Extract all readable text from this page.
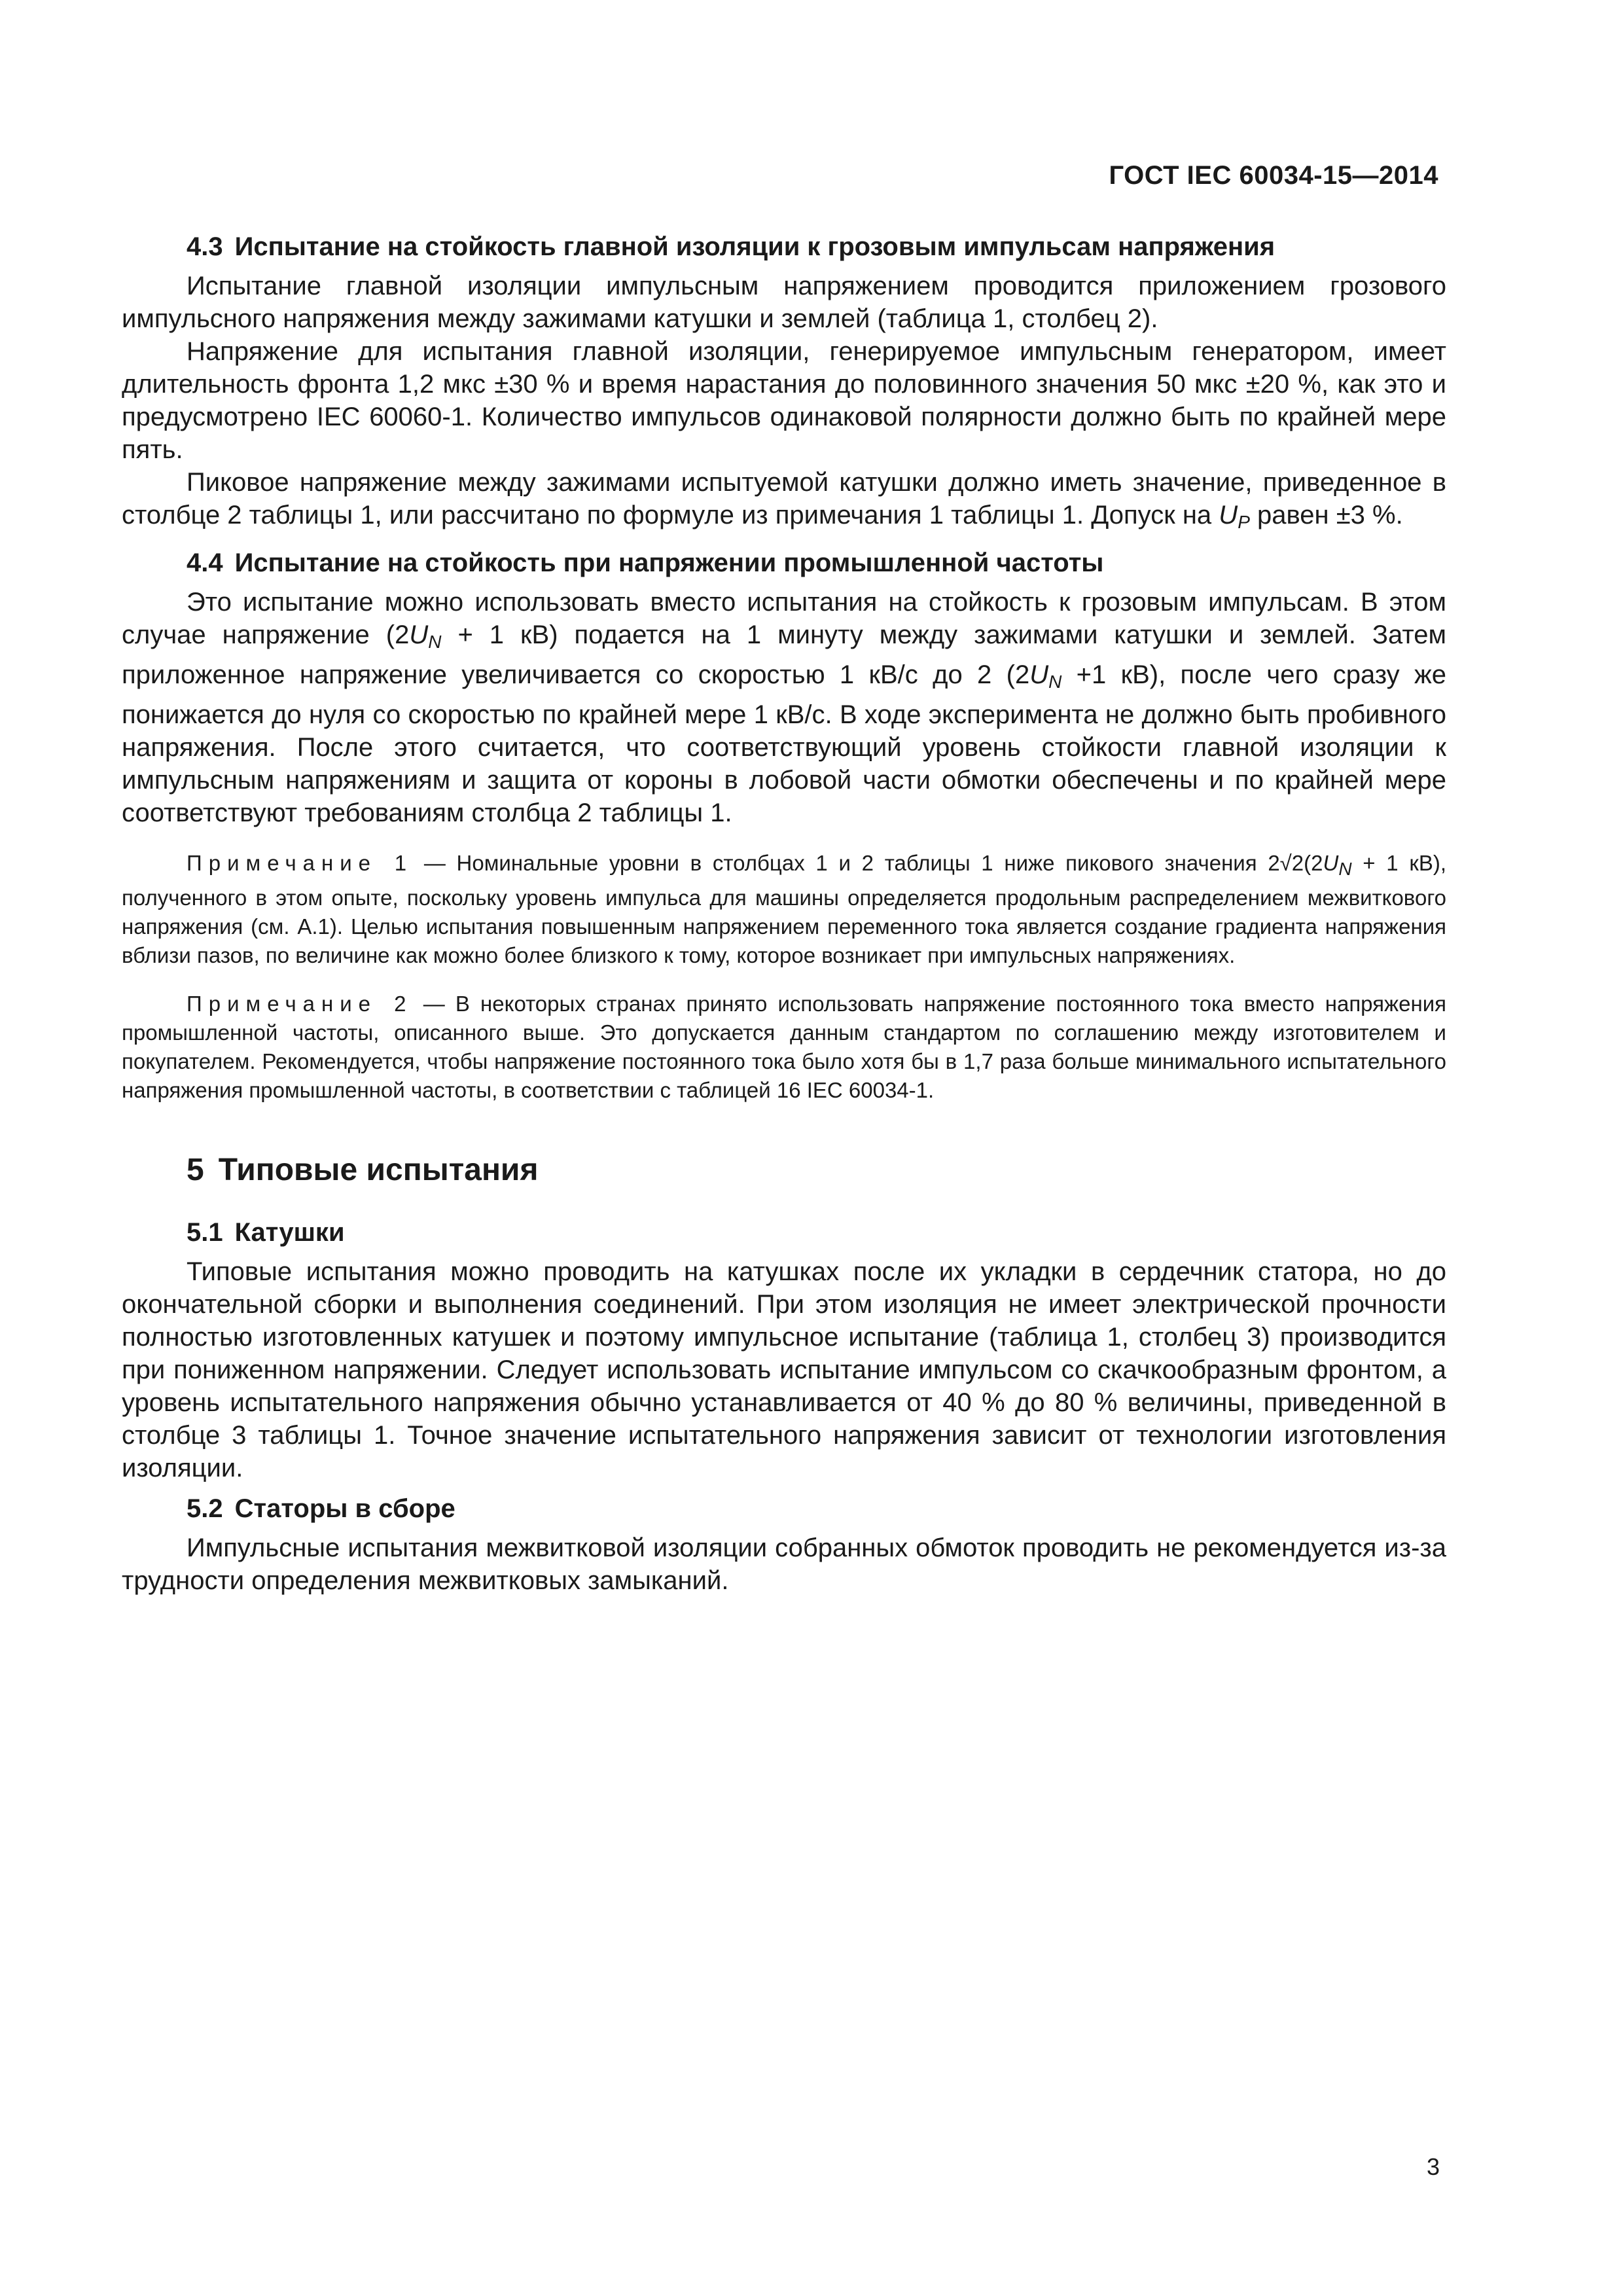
ГОСТ IEC 60034-15—2014
4.3 Испытание на стойкость главной изоляции к грозовым импульсам напряжения

Испытание главной изоляции импульсным напряжением проводится приложением грозового импульсного напряжения между зажимами катушки и землей (таблица 1, столбец 2).

Напряжение для испытания главной изоляции, генерируемое импульсным генератором, имеет длительность фронта 1,2 мкс ±30 % и время нарастания до половинного значения 50 мкс ±20 %, как это и предусмотрено IEC 60060-1. Количество импульсов одинаковой полярности должно быть по крайней мере пять.

Пиковое напряжение между зажимами испытуемой катушки должно иметь значение, приведенное в столбце 2 таблицы 1, или рассчитано по формуле из примечания 1 таблицы 1. Допуск на $U_P$ равен ±3 %.

4.4 Испытание на стойкость при напряжении промышленной частоты

Это испытание можно использовать вместо испытания на стойкость к грозовым импульсам. В этом случае напряжение ($2U_N + 1$ кВ) подается на 1 минуту между зажимами катушки и землей. Затем приложенное напряжение увеличивается со скоростью 1 кВ/с до 2 ($2U_N +1$ кВ), после чего сразу же понижается до нуля со скоростью по крайней мере 1 кВ/с. В ходе эксперимента не должно быть пробивного напряжения. После этого считается, что соответствующий уровень стойкости главной изоляции к импульсным напряжениям и защита от короны в лобовой части обмотки обеспечены и по крайней мере соответствуют требованиям столбца 2 таблицы 1.

Примечание 1 — Номинальные уровни в столбцах 1 и 2 таблицы 1 ниже пикового значения $2√2(2U_N + 1$ кВ), полученного в этом опыте, поскольку уровень импульса для машины определяется продольным распределением межвиткового напряжения (см. А.1). Целью испытания повышенным напряжением переменного тока является создание градиента напряжения вблизи пазов, по величине как можно более близкого к тому, которое возникает при импульсных напряжениях.

Примечание 2 — В некоторых странах принято использовать напряжение постоянного тока вместо напряжения промышленной частоты, описанного выше. Это допускается данным стандартом по соглашению между изготовителем и покупателем. Рекомендуется, чтобы напряжение постоянного тока было хотя бы в 1,7 раза больше минимального испытательного напряжения промышленной частоты, в соответствии с таблицей 16 IEC 60034-1.

5 Типовые испытания
5.1 Катушки

Типовые испытания можно проводить на катушках после их укладки в сердечник статора, но до окончательной сборки и выполнения соединений. При этом изоляция не имеет электрической прочности полностью изготовленных катушек и поэтому импульсное испытание (таблица 1, столбец 3) производится при пониженном напряжении. Следует использовать испытание импульсом со скачкообразным фронтом, а уровень испытательного напряжения обычно устанавливается от 40 % до 80 % величины, приведенной в столбце 3 таблицы 1. Точное значение испытательного напряжения зависит от технологии изготовления изоляции.

5.2 Статоры в сборе

Импульсные испытания межвитковой изоляции собранных обмоток проводить не рекомендуется из-за трудности определения межвитковых замыканий.

3
